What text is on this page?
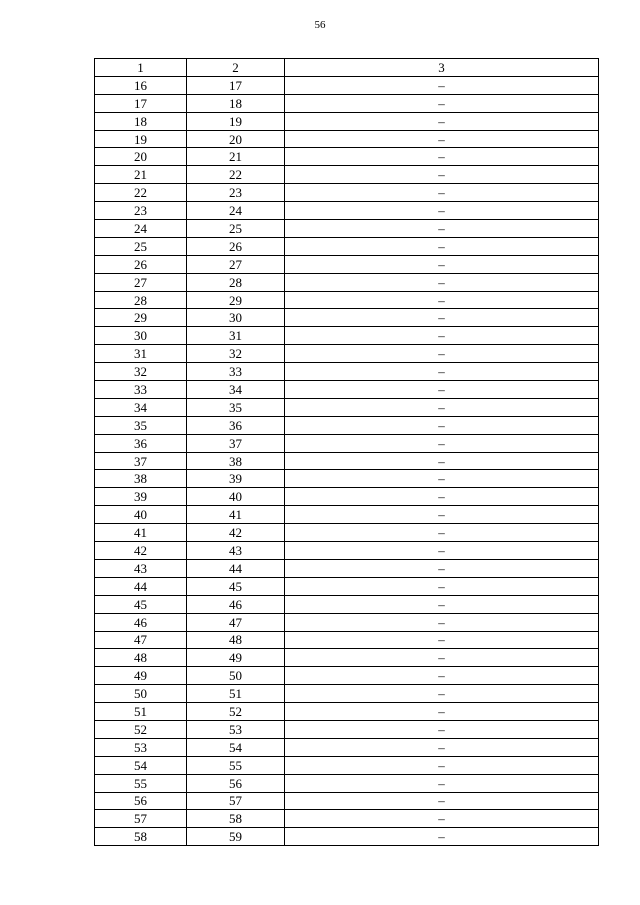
56
1	2	3
16	17	–
17	18	–
18	19	–
19	20	–
20	21	–
21	22	–
22	23	–
23	24	–
24	25	–
25	26	–
26	27	–
27	28	–
28	29	–
29	30	–
30	31	–
31	32	–
32	33	–
33	34	–
34	35	–
35	36	–
36	37	–
37	38	–
38	39	–
39	40	–
40	41	–
41	42	–
42	43	–
43	44	–
44	45	–
45	46	–
46	47	–
47	48	–
48	49	–
49	50	–
50	51	–
51	52	–
52	53	–
53	54	–
54	55	–
55	56	–
56	57	–
57	58	–
58	59	–
